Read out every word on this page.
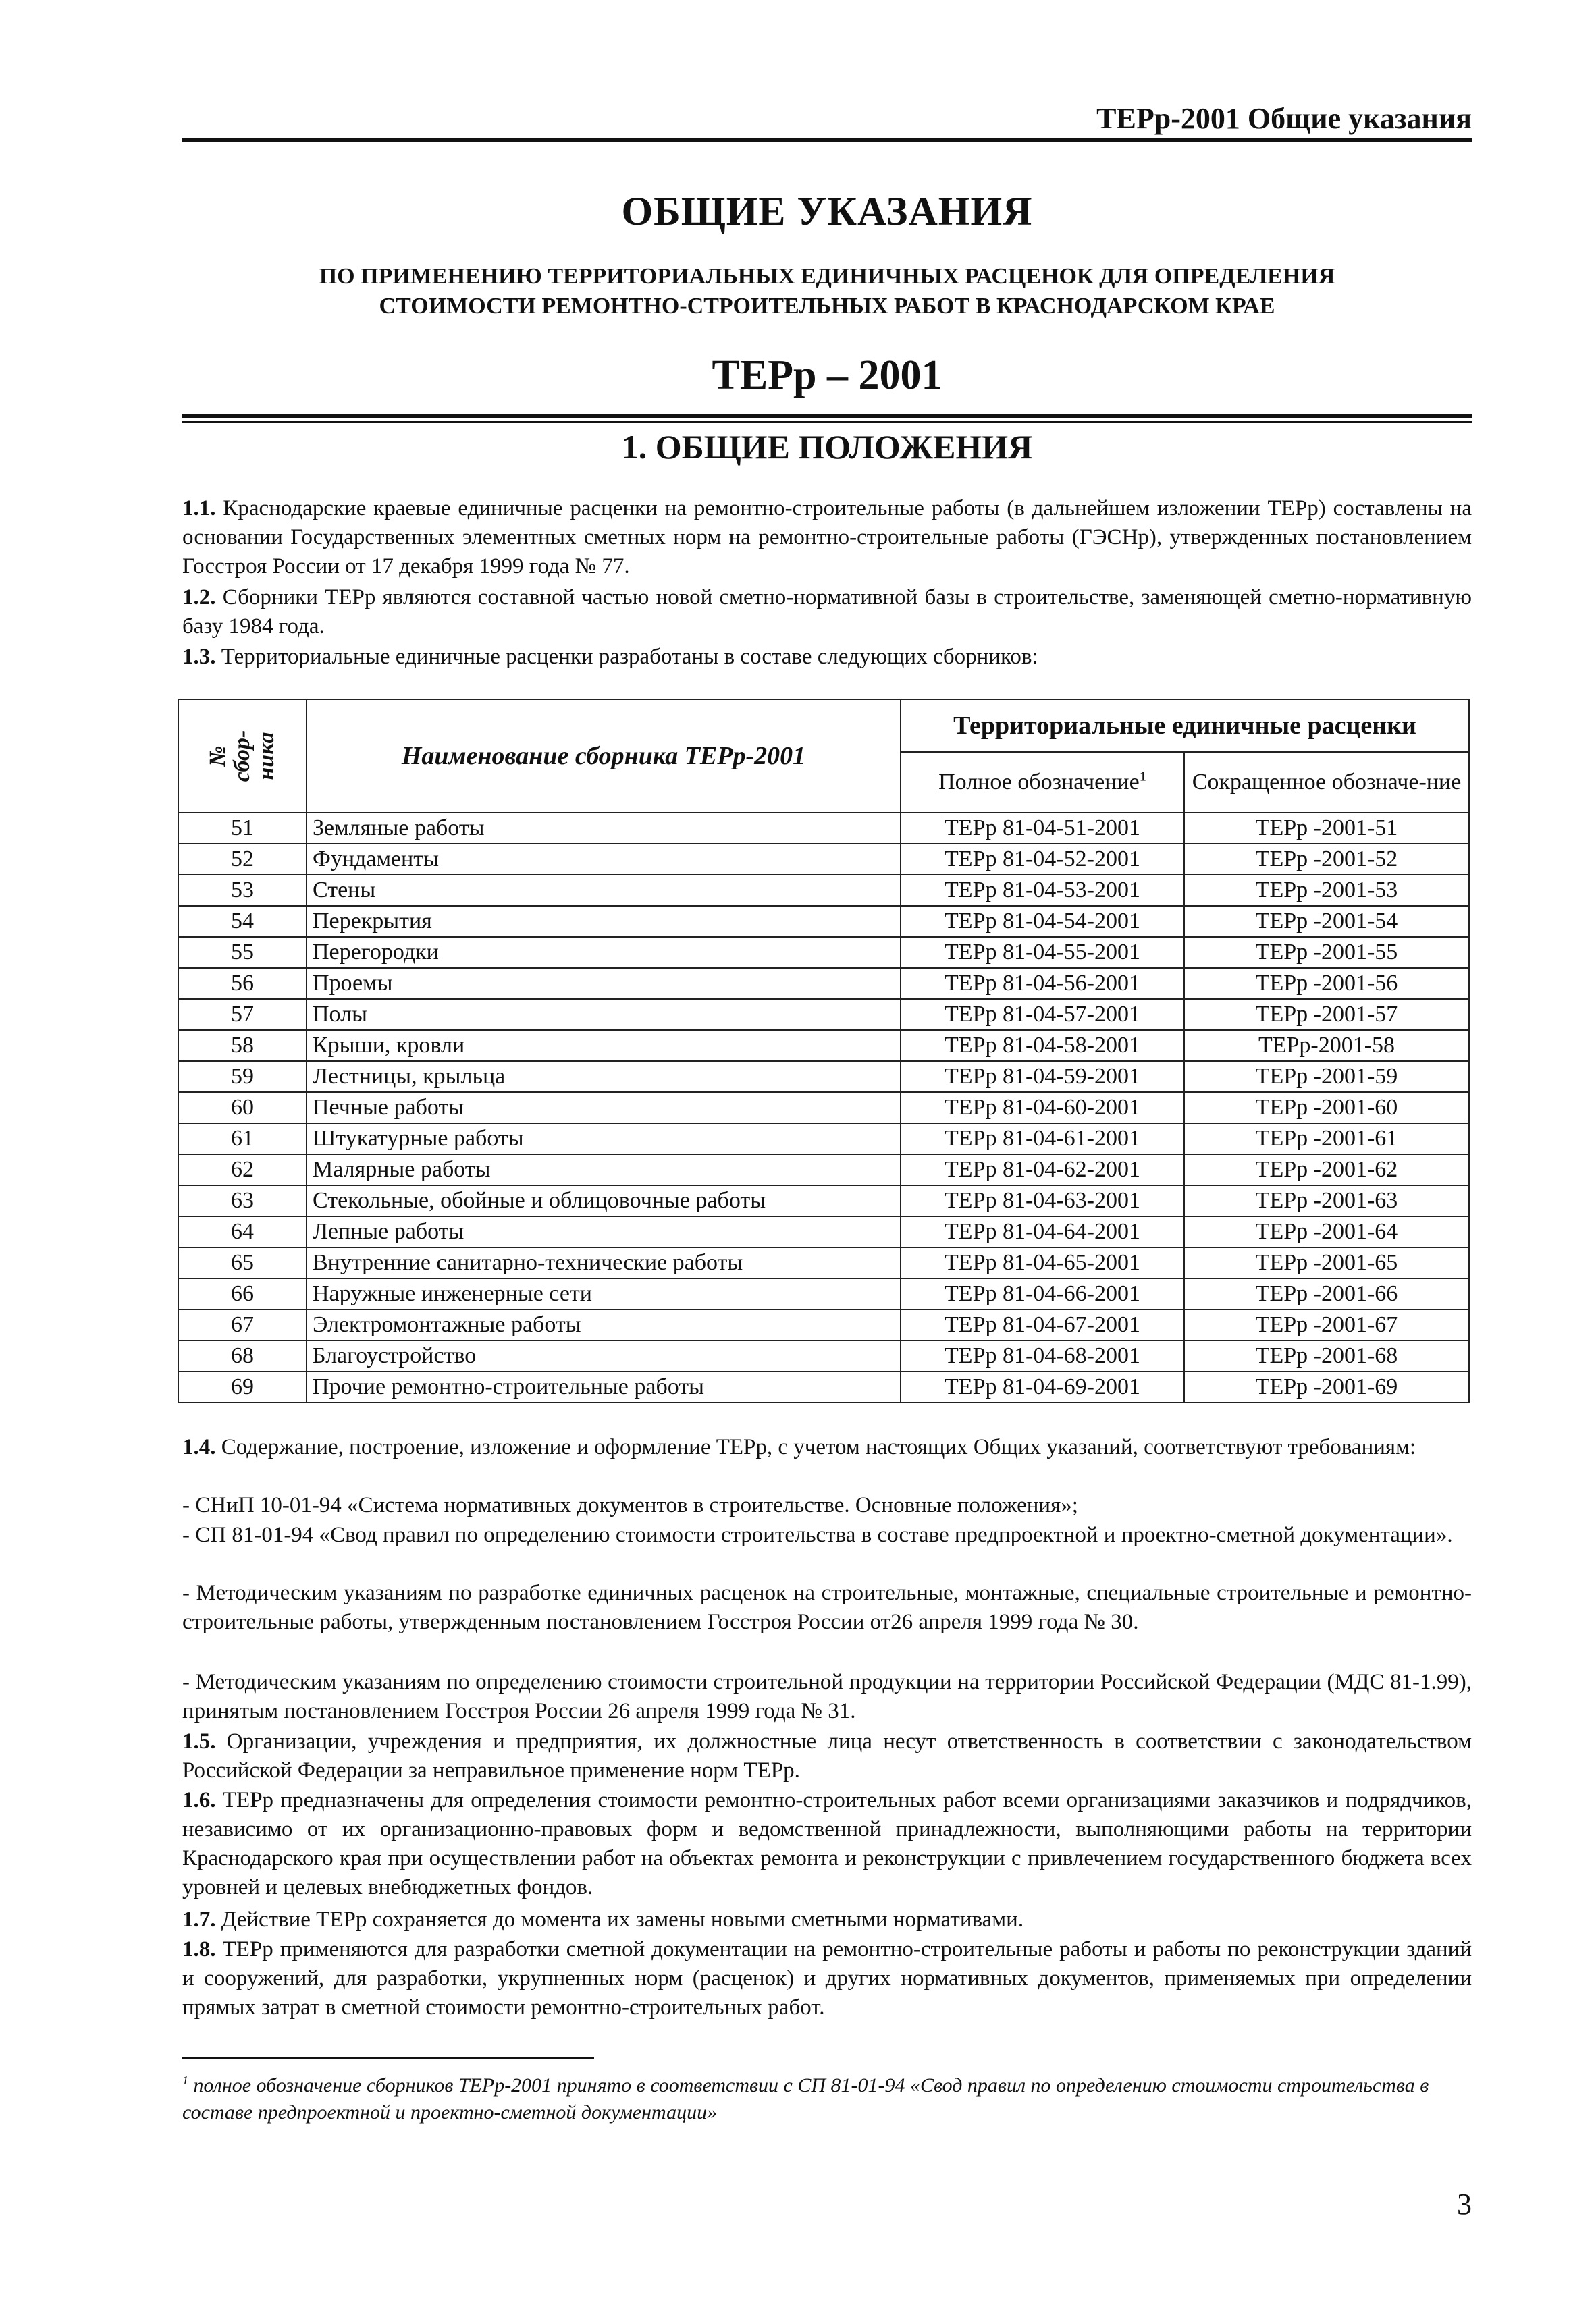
ТЕРр-2001 Общие указания
ОБЩИЕ УКАЗАНИЯ
ПО ПРИМЕНЕНИЮ ТЕРРИТОРИАЛЬНЫХ ЕДИНИЧНЫХ РАСЦЕНОК ДЛЯ ОПРЕДЕЛЕНИЯ
СТОИМОСТИ РЕМОНТНО-СТРОИТЕЛЬНЫХ РАБОТ В КРАСНОДАРСКОМ КРАЕ
ТЕРр – 2001
1. ОБЩИЕ ПОЛОЖЕНИЯ
1.1. Краснодарские краевые единичные расценки на ремонтно-строительные работы (в дальнейшем изложении ТЕРр) составлены на основании Государственных элементных сметных норм на ремонтно-строительные работы (ГЭСНр), утвержденных постановлением Госстроя России от 17 декабря 1999 года № 77.
1.2. Сборники ТЕРр являются составной частью новой сметно-нормативной базы в строительстве, заменяющей сметно-нормативную базу 1984 года.
1.3. Территориальные единичные расценки разработаны в составе следующих сборников:
№
сбор-
ника	Наименование сборника ТЕРр-2001	Территориальные единичные расценки	
		Полное обозначение$^1$	Сокращенное обозначе-ние
51	Земляные работы	ТЕРр 81-04-51-2001	ТЕРр -2001-51
52	Фундаменты	ТЕРр 81-04-52-2001	ТЕРр -2001-52
53	Стены	ТЕРр 81-04-53-2001	ТЕРр -2001-53
54	Перекрытия	ТЕРр 81-04-54-2001	ТЕРр -2001-54
55	Перегородки	ТЕРр 81-04-55-2001	ТЕРр -2001-55
56	Проемы	ТЕРр 81-04-56-2001	ТЕРр -2001-56
57	Полы	ТЕРр 81-04-57-2001	ТЕРр -2001-57
58	Крыши, кровли	ТЕРр 81-04-58-2001	ТЕРр-2001-58
59	Лестницы, крыльца	ТЕРр 81-04-59-2001	ТЕРр -2001-59
60	Печные работы	ТЕРр 81-04-60-2001	ТЕРр -2001-60
61	Штукатурные работы	ТЕРр 81-04-61-2001	ТЕРр -2001-61
62	Малярные работы	ТЕРр 81-04-62-2001	ТЕРр -2001-62
63	Стекольные, обойные и облицовочные работы	ТЕРр 81-04-63-2001	ТЕРр -2001-63
64	Лепные работы	ТЕРр 81-04-64-2001	ТЕРр -2001-64
65	Внутренние санитарно-технические работы	ТЕРр 81-04-65-2001	ТЕРр -2001-65
66	Наружные инженерные сети	ТЕРр 81-04-66-2001	ТЕРр -2001-66
67	Электромонтажные работы	ТЕРр 81-04-67-2001	ТЕРр -2001-67
68	Благоустройство	ТЕРр 81-04-68-2001	ТЕРр -2001-68
69	Прочие ремонтно-строительные работы	ТЕРр 81-04-69-2001	ТЕРр -2001-69
1.4. Содержание, построение, изложение и оформление ТЕРр, с учетом настоящих Общих указаний, соответствуют требованиям:
- СНиП 10-01-94 «Система нормативных документов в строительстве. Основные положения»;
- СП 81-01-94 «Свод правил по определению стоимости строительства в составе предпроектной и проектно-сметной документации».
- Методическим указаниям по разработке единичных расценок на строительные, монтажные, специальные строительные и ремонтно-строительные работы, утвержденным постановлением Госстроя России от26 апреля 1999 года № 30.
- Методическим указаниям по определению стоимости строительной продукции на территории Российской Федерации (МДС 81-1.99), принятым постановлением Госстроя России 26 апреля 1999 года № 31.
1.5. Организации, учреждения и предприятия, их должностные лица несут ответственность в соответствии с законодательством Российской Федерации за неправильное применение норм ТЕРр.
1.6. ТЕРр предназначены для определения стоимости ремонтно-строительных работ всеми организациями заказчиков и подрядчиков, независимо от их организационно-правовых форм и ведомственной принадлежности, выполняющими работы на территории Краснодарского края при осуществлении работ на объектах ремонта и реконструкции с привлечением государственного бюджета всех уровней и целевых внебюджетных фондов.
1.7. Действие ТЕРр сохраняется до момента их замены новыми сметными нормативами.
1.8. ТЕРр применяются для разработки сметной документации на ремонтно-строительные работы и работы по реконструкции зданий и сооружений, для разработки, укрупненных норм (расценок) и других нормативных документов, применяемых при определении прямых затрат в сметной стоимости ремонтно-строительных работ.
$^1$ полное обозначение сборников ТЕРр-2001 принято в соответствии с СП 81-01-94 «Свод правил по определению стоимости строительства в составе предпроектной и проектно-сметной документации»
3
